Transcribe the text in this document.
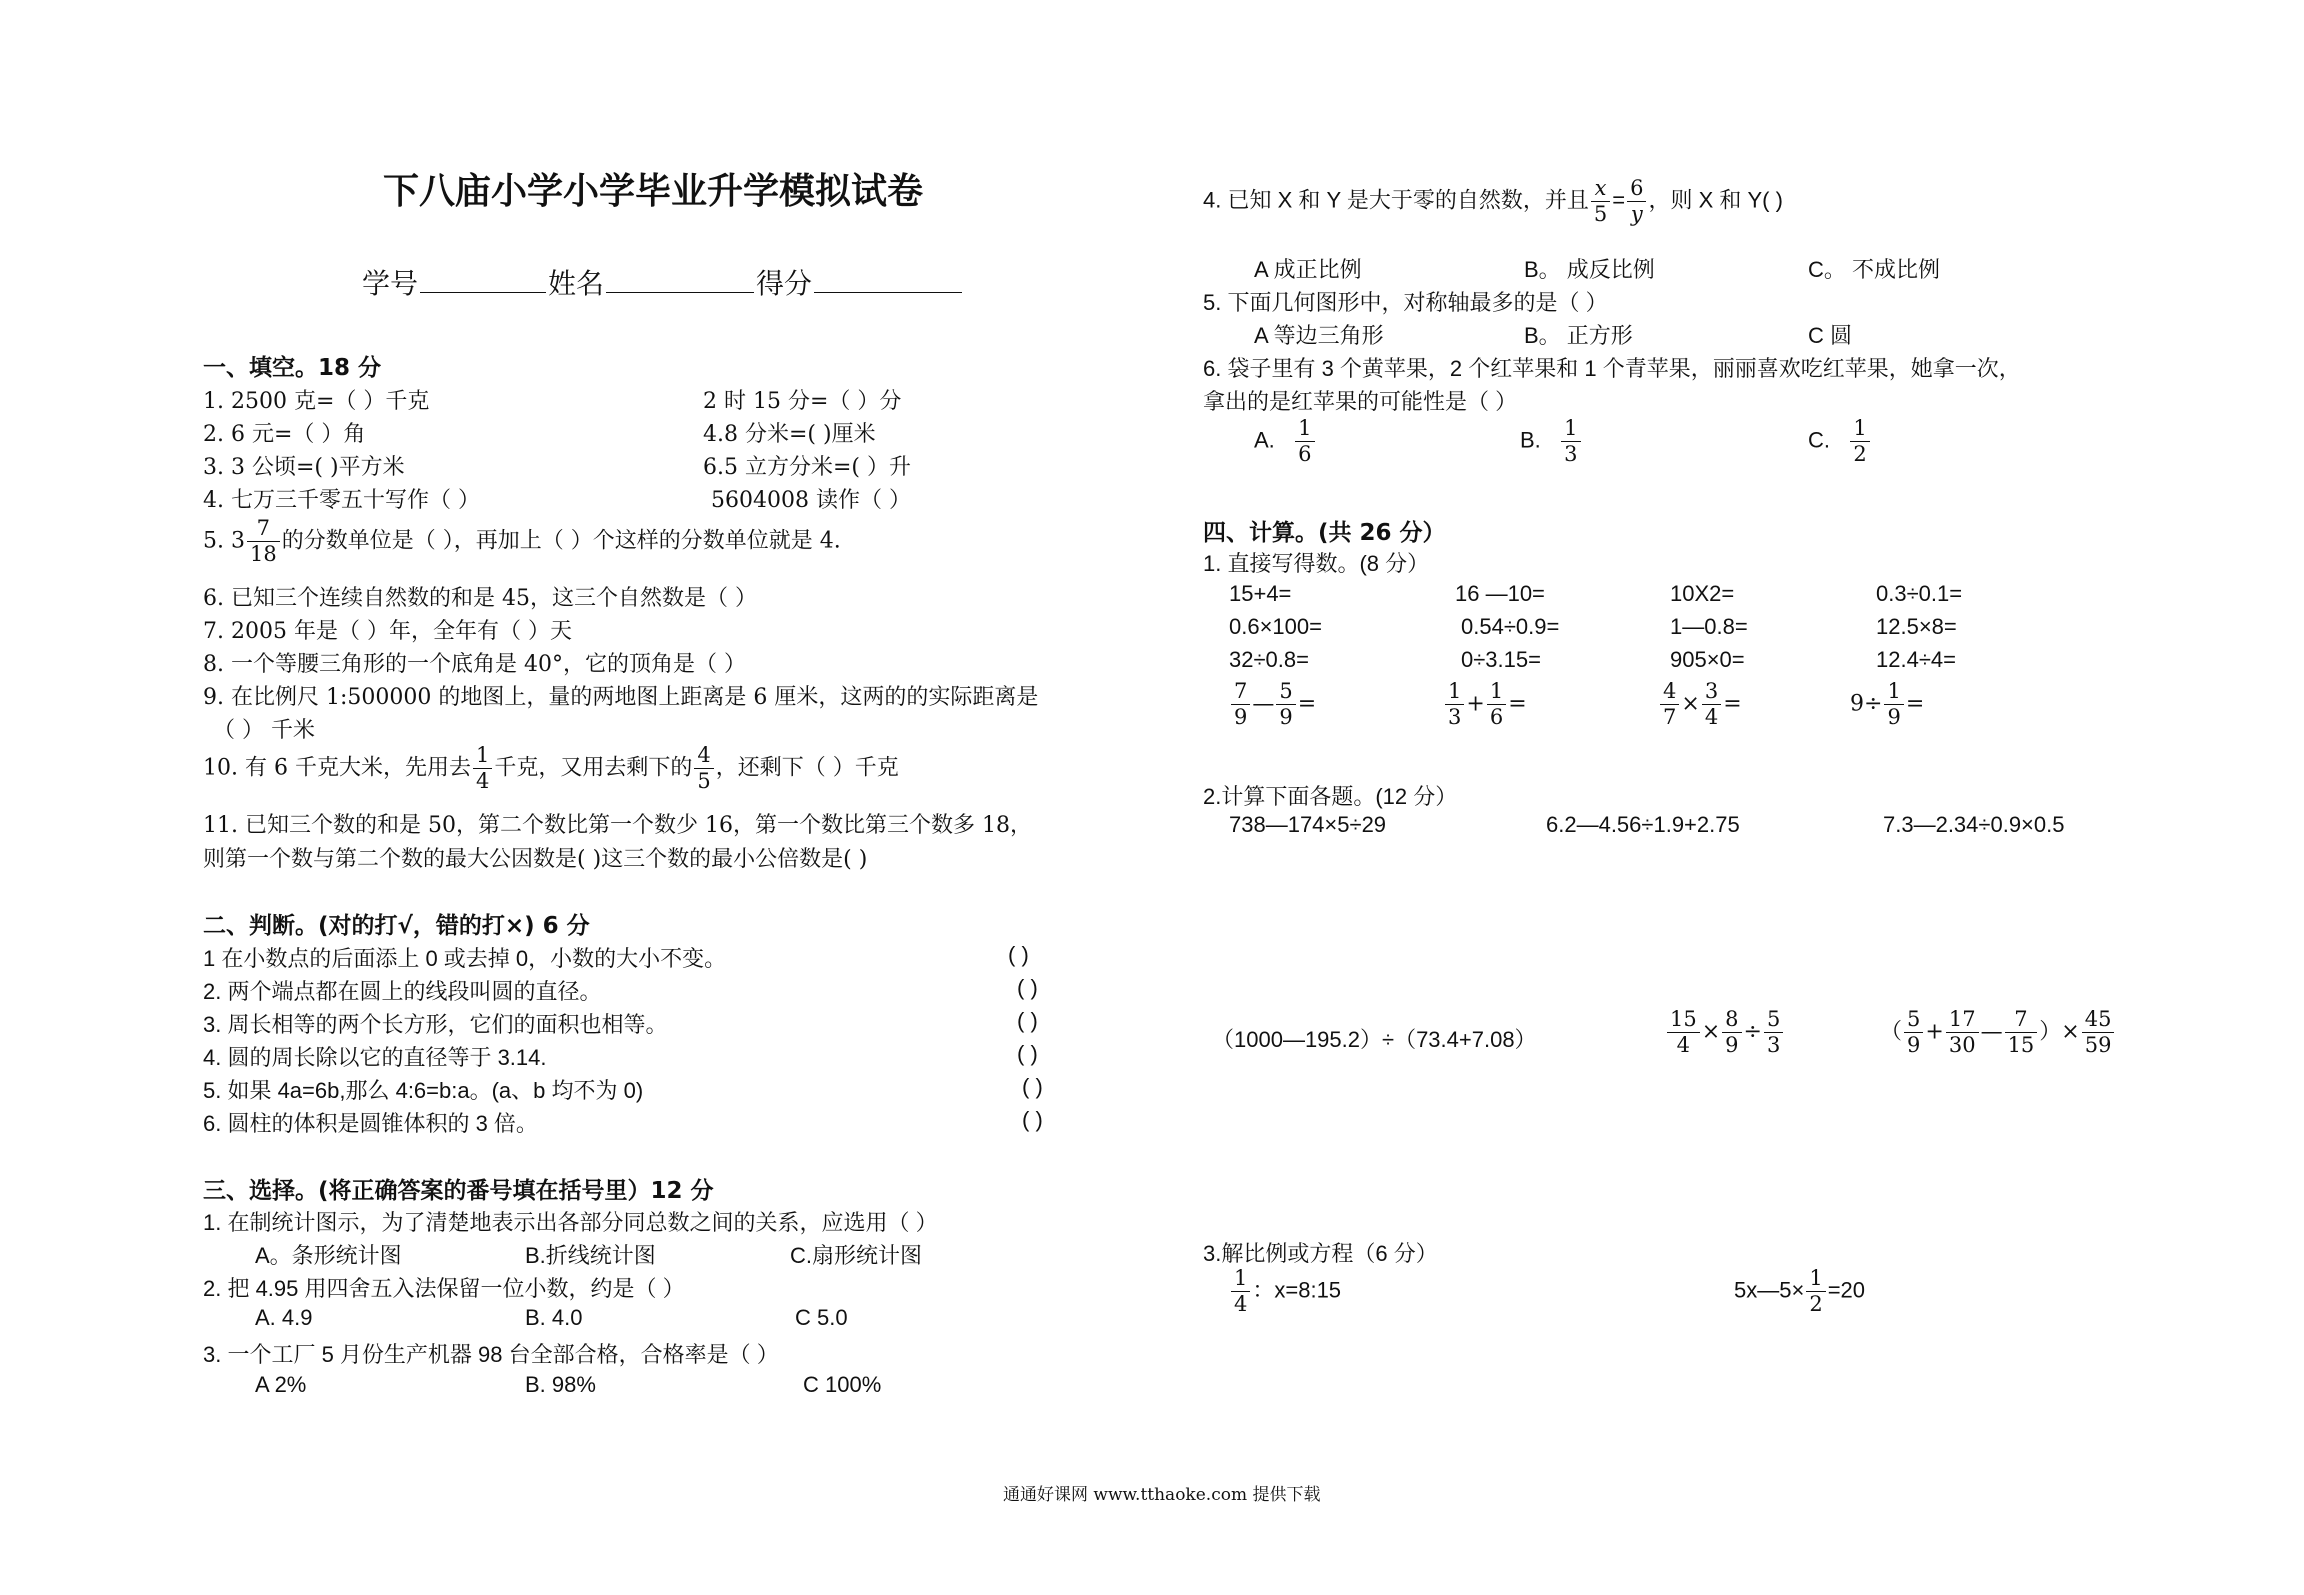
下八庙小学小学毕业升学模拟试卷
学号	姓名	得分
一、填空。18 分
1. 2500 克=（ ）千克	2 时 15 分=（ ）分
2. 6 元=（ ）角	4.8 分米=( )厘米
3. 3 公顷=( )平方米	6.5 立方分米=( ）升
4. 七万三千零五十写作（ ）	5604008 读作（ ）
5. $3 \frac{7}{18}$ 的分数单位是（ ），再加上（ ）个这样的分数单位就是 4.
6. 已知三个连续自然数的和是 45，这三个自然数是（ ）
7. 2005 年是（ ）年，全年有（ ）天
8. 一个等腰三角形的一个底角是 40°，它的顶角是（ ）
9. 在比例尺 1:500000 的地图上，量的两地图上距离是 6 厘米，这两的的实际距离是
（ ） 千米
10. 有 6 千克大米，先用去 $\frac{1}{4}$ 千克，又用去剩下的 $\frac{4}{5}$ ，还剩下（ ）千克
11. 已知三个数的和是 50，第二个数比第一个数少 16，第一个数比第三个数多 18，
则第一个数与第二个数的最大公因数是( )这三个数的最小公倍数是( )
二、判断。(对的打√，错的打×) 6 分
1 在小数点的后面添上 0 或去掉 0，小数的大小不变。	( )
2. 两个端点都在圆上的线段叫圆的直径。	( )
3. 周长相等的两个长方形，它们的面积也相等。	( )
4. 圆的周长除以它的直径等于 3.14.	( )
5. 如果 4a=6b,那么 4:6=b:a。(a、b 均不为 0)	( )
6. 圆柱的体积是圆锥体积的 3 倍。	( )
三、选择。(将正确答案的番号填在括号里）12 分
1. 在制统计图示，为了清楚地表示出各部分同总数之间的关系，应选用（ ）
A。条形统计图	B.折线统计图	C.扇形统计图
2. 把 4.95 用四舍五入法保留一位小数，约是（ ）
A. 4.9	B. 4.0	C 5.0
3. 一个工厂 5 月份生产机器 98 台全部合格，合格率是（ ）
A 2%	B. 98%	C 100%
4. 已知 X 和 Y 是大于零的自然数，并且 $\frac{x}{5} = \frac{6}{y}$ ，则 X 和 Y( )
A 成正比例	B。 成反比例	C。 不成比例
5. 下面几何图形中，对称轴最多的是（ ）
A 等边三角形	B。 正方形	C 圆
6. 袋子里有 3 个黄苹果，2 个红苹果和 1 个青苹果，丽丽喜欢吃红苹果，她拿一次，
拿出的是红苹果的可能性是（ ）
A. $\frac{1}{6}$	B. $\frac{1}{3}$	C. $\frac{1}{2}$
四、计算。(共 26 分）
1. 直接写得数。(8 分）
15+4=	16 —10=	10X2=	0.3÷0.1=
0.6×100=	0.54÷0.9=	1—0.8=	12.5×8=
32÷0.8=	0÷3.15=	905×0=	12.4÷4=
$\frac{7}{9}$ — $\frac{5}{9}$ =	$\frac{1}{3} + \frac{1}{6}$ =	$\frac{4}{7} \times \frac{3}{4}$ =	$9\div \frac{1}{9}$ =
2.计算下面各题。(12 分）
738—174×5÷29	6.2—4.56÷1.9+2.75	7.3—2.34÷0.9×0.5
（1000—195.2）÷（73.4+7.08）	$\frac{15}{4} \times \frac{8}{9} \div \frac{5}{3}$	（ $\frac{5}{9} + \frac{17}{30}$ — $\frac{7}{15}$ ）× $\frac{45}{59}$
3.解比例或方程（6 分）
$\frac{1}{4}$ ：x=8:15	5x—5× $\frac{1}{2} =20$
通通好课网 www.tthaoke.com 提供下载
